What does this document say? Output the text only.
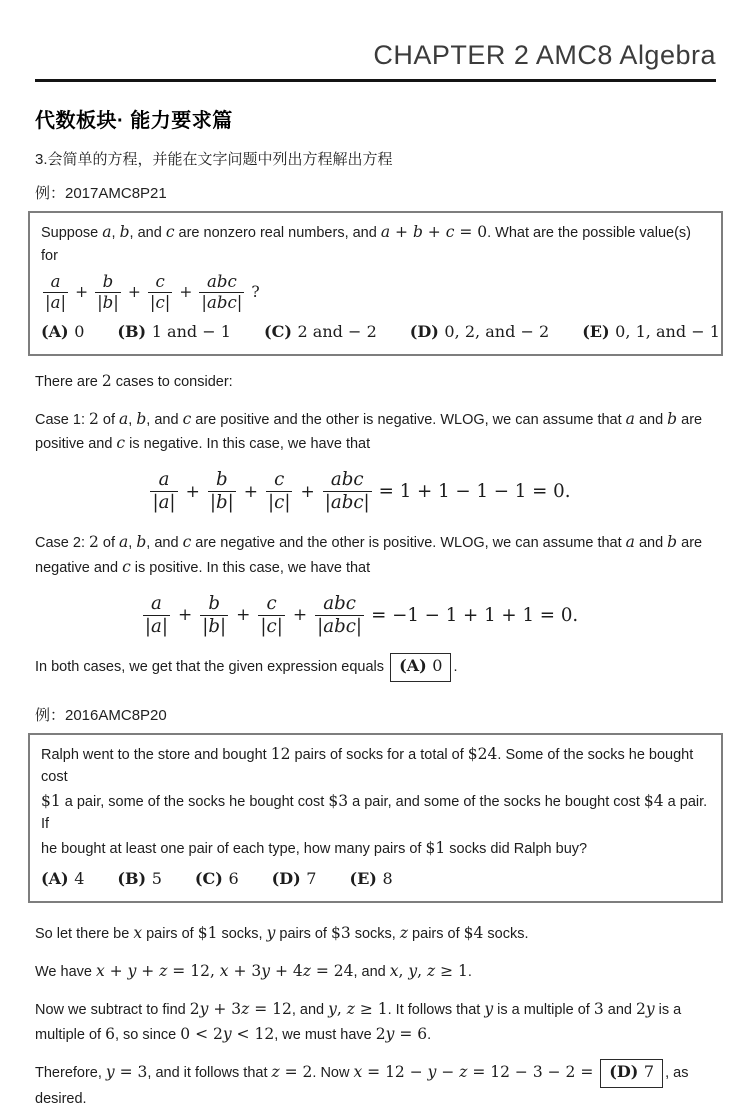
CHAPTER 2 AMC8 Algebra
代数板块· 能力要求篇
3.会简单的方程，并能在文字问题中列出方程解出方程
例：2017AMC8P21
Suppose a, b, and c are nonzero real numbers, and a + b + c = 0. What are the possible value(s) for
$\frac{a}{|a|} + \frac{b}{|b|} + \frac{c}{|c|} + \frac{\text{abc}}{\text{|abc|}}$ ?
(A) 0 (B) 1 and − 1 (C) 2 and − 2 (D) 0, 2, and − 2 (E) 0, 1, and − 1

There are 2 cases to consider:

Case 1: 2 of a, b, and c are positive and the other is negative. WLOG, we can assume that a and b are
positive and c is negative. In this case, we have that

$\frac{a}{|a|} + \frac{b}{|b|} + \frac{c}{|c|} + \frac{\text{abc}}{\text{|abc|}} = 1 + 1 - 1 - 1 = 0$.

Case 2: 2 of a, b, and c are negative and the other is positive. WLOG, we can assume that a and b are
negative and c is positive. In this case, we have that

$\frac{a}{|a|} + \frac{b}{|b|} + \frac{c}{|c|} + \frac{\text{abc}}{\text{|abc|}} = -1 - 1 + 1 + 1 = 0$.

In both cases, we get that the given expression equals (A) 0 .

例：2016AMC8P20
Ralph went to the store and bought 12 pairs of socks for a total of $24. Some of the socks he bought cost
$1 a pair, some of the socks he bought cost $3 a pair, and some of the socks he bought cost $4 a pair. If
he bought at least one pair of each type, how many pairs of $1 socks did Ralph buy?
(A) 4 (B) 5 (C) 6 (D) 7 (E) 8

So let there be x pairs of $1 socks, y pairs of $3 socks, z pairs of $4 socks.

We have x + y + z = 12, x + 3y + 4z = 24, and x, y, z ≥ 1.

Now we subtract to find 2y + 3z = 12, and y, z ≥ 1. It follows that y is a multiple of 3 and 2y is a
multiple of 6, so since 0 < 2y < 12, we must have 2y = 6.

Therefore, y = 3, and it follows that z = 2. Now x = 12 − y − z = 12 − 3 − 2 = (D) 7 , as desired.
